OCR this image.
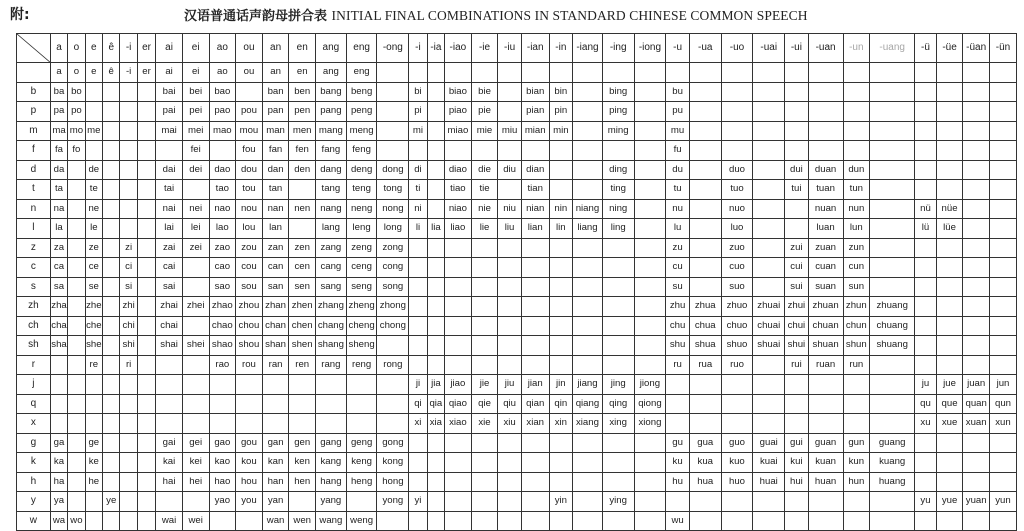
附:	汉语普通话声韵母拼合表 INITIAL FINAL COMBINATIONS IN STANDARD CHINESE COMMON SPEECH
	a	o	e	ê	-i	er	ai	ei	ao	ou	an	en	ang	eng	-ong	-i	-ia	-iao	-ie	-iu	-ian	-in	-iang	-ing	-iong	-u	-ua	-uo	-uai	-ui	-uan	-un	-uang	-ü	-üe	-üan	-ün
	a	o	e	ê	-i	er	ai	ei	ao	ou	an	en	ang	eng																							
b	ba	bo					bai	bei	bao		ban	ben	bang	beng		bi		biao	bie		bian	bin		bing		bu											
p	pa	po					pai	pei	pao	pou	pan	pen	pang	peng		pi		piao	pie		pian	pin		ping		pu											
m	ma	mo	me				mai	mei	mao	mou	man	men	mang	meng		mi		miao	mie	miu	mian	min		ming		mu											
f	fa	fo						fei		fou	fan	fen	fang	feng												fu											
d	da		de				dai	dei	dao	dou	dan	den	dang	deng	dong	di		diao	die	diu	dian			ding		du		duo		dui	duan	dun					
t	ta		te				tai		tao	tou	tan		tang	teng	tong	ti		tiao	tie		tian			ting		tu		tuo		tui	tuan	tun					
n	na		ne				nai	nei	nao	nou	nan	nen	nang	neng	nong	ni		niao	nie	niu	nian	nin	niang	ning		nu		nuo			nuan	nun		nü	nüe		
l	la		le				lai	lei	lao	lou	lan		lang	leng	long	li	lia	liao	lie	liu	lian	lin	liang	ling		lu		luo			luan	lun		lü	lüe		
z	za		ze		zi		zai	zei	zao	zou	zan	zen	zang	zeng	zong											zu		zuo		zui	zuan	zun					
c	ca		ce		ci		cai		cao	cou	can	cen	cang	ceng	cong											cu		cuo		cui	cuan	cun					
s	sa		se		si		sai		sao	sou	san	sen	sang	seng	song											su		suo		sui	suan	sun					
zh	zha		zhe		zhi		zhai	zhei	zhao	zhou	zhan	zhen	zhang	zheng	zhong											zhu	zhua	zhuo	zhuai	zhui	zhuan	zhun	zhuang				
ch	cha		che		chi		chai		chao	chou	chan	chen	chang	cheng	chong											chu	chua	chuo	chuai	chui	chuan	chun	chuang				
sh	sha		she		shi		shai	shei	shao	shou	shan	shen	shang	sheng												shu	shua	shuo	shuai	shui	shuan	shun	shuang				
r			re		ri				rao	rou	ran	ren	rang	reng	rong											ru	rua	ruo		rui	ruan	run					
j																ji	jia	jiao	jie	jiu	jian	jin	jiang	jing	jiong									ju	jue	juan	jun
q																qi	qia	qiao	qie	qiu	qian	qin	qiang	qing	qiong									qu	que	quan	qun
x																xi	xia	xiao	xie	xiu	xian	xin	xiang	xing	xiong									xu	xue	xuan	xun
g	ga		ge				gai	gei	gao	gou	gan	gen	gang	geng	gong											gu	gua	guo	guai	gui	guan	gun	guang				
k	ka		ke				kai	kei	kao	kou	kan	ken	kang	keng	kong											ku	kua	kuo	kuai	kui	kuan	kun	kuang				
h	ha		he				hai	hei	hao	hou	han	hen	hang	heng	hong											hu	hua	huo	huai	hui	huan	hun	huang				
y	ya			ye					yao	you	yan		yang		yong	yi						yin		ying										yu	yue	yuan	yun
w	wa	wo					wai	wei			wan	wen	wang	weng												wu											
